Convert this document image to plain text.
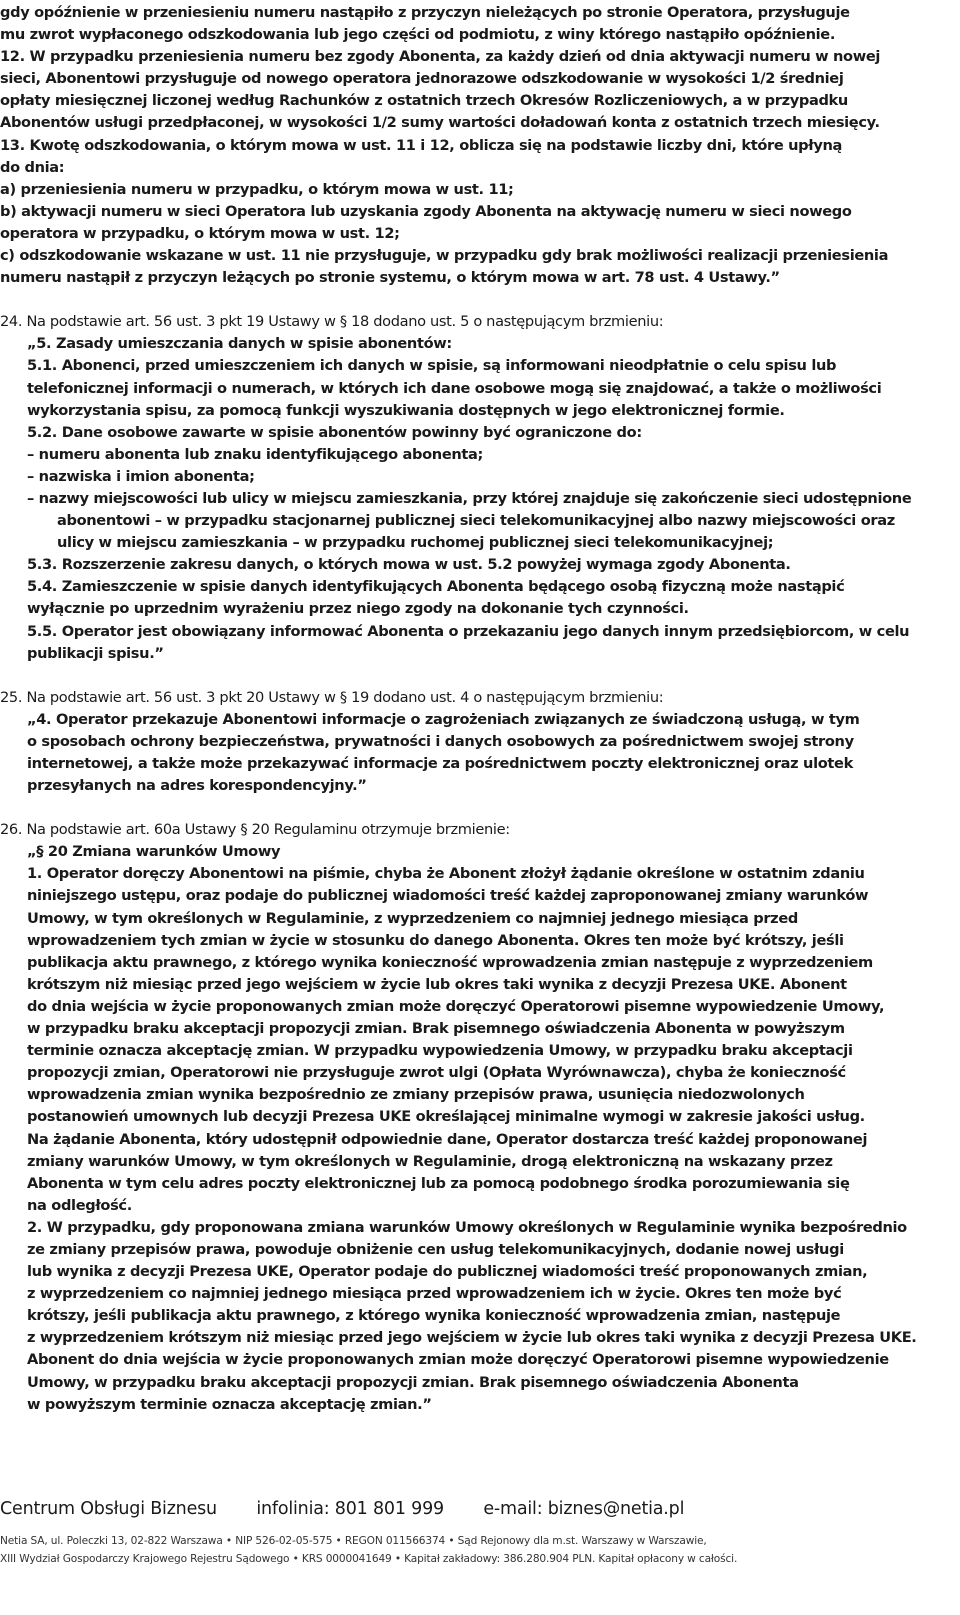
gdy opóźnienie w przeniesieniu numeru nastąpiło z przyczyn nieleżących po stronie Operatora, przysługuje

mu zwrot wypłaconego odszkodowania lub jego części od podmiotu, z winy którego nastąpiło opóźnienie.

12. W przypadku przeniesienia numeru bez zgody Abonenta, za każdy dzień od dnia aktywacji numeru w nowej

sieci, Abonentowi przysługuje od nowego operatora jednorazowe odszkodowanie w wysokości 1/2 średniej

opłaty miesięcznej liczonej według Rachunków z ostatnich trzech Okresów Rozliczeniowych, a w przypadku

Abonentów usługi przedpłaconej, w wysokości 1/2 sumy wartości doładowań konta z ostatnich trzech miesięcy.

13. Kwotę odszkodowania, o którym mowa w ust. 11 i 12, oblicza się na podstawie liczby dni, które upłyną

do dnia:

a) przeniesienia numeru w przypadku, o którym mowa w ust. 11;

b) aktywacji numeru w sieci Operatora lub uzyskania zgody Abonenta na aktywację numeru w sieci nowego

operatora w przypadku, o którym mowa w ust. 12;

c) odszkodowanie wskazane w ust. 11 nie przysługuje, w przypadku gdy brak możliwości realizacji przeniesienia

numeru nastąpił z przyczyn leżących po stronie systemu, o którym mowa w art. 78 ust. 4 Ustawy.”

24. Na podstawie art. 56 ust. 3 pkt 19 Ustawy w § 18 dodano ust. 5 o następującym brzmieniu:

„5. Zasady umieszczania danych w spisie abonentów:

5.1. Abonenci, przed umieszczeniem ich danych w spisie, są informowani nieodpłatnie o celu spisu lub

telefonicznej informacji o numerach, w których ich dane osobowe mogą się znajdować, a także o możliwości

wykorzystania spisu, za pomocą funkcji wyszukiwania dostępnych w jego elektronicznej formie.

5.2. Dane osobowe zawarte w spisie abonentów powinny być ograniczone do:

– numeru abonenta lub znaku identyfikującego abonenta;

– nazwiska i imion abonenta;

– nazwy miejscowości lub ulicy w miejscu zamieszkania, przy której znajduje się zakończenie sieci udostępnione

abonentowi – w przypadku stacjonarnej publicznej sieci telekomunikacyjnej albo nazwy miejscowości oraz

ulicy w miejscu zamieszkania – w przypadku ruchomej publicznej sieci telekomunikacyjnej;

5.3. Rozszerzenie zakresu danych, o których mowa w ust. 5.2 powyżej wymaga zgody Abonenta.

5.4. Zamieszczenie w spisie danych identyfikujących Abonenta będącego osobą fizyczną może nastąpić

wyłącznie po uprzednim wyrażeniu przez niego zgody na dokonanie tych czynności.

5.5. Operator jest obowiązany informować Abonenta o przekazaniu jego danych innym przedsiębiorcom, w celu

publikacji spisu.”

25. Na podstawie art. 56 ust. 3 pkt 20 Ustawy w § 19 dodano ust. 4 o następującym brzmieniu:

„4. Operator przekazuje Abonentowi informacje o zagrożeniach związanych ze świadczoną usługą, w tym

o sposobach ochrony bezpieczeństwa, prywatności i danych osobowych za pośrednictwem swojej strony

internetowej, a także może przekazywać informacje za pośrednictwem poczty elektronicznej oraz ulotek

przesyłanych na adres korespondencyjny.”

26. Na podstawie art. 60a Ustawy § 20 Regulaminu otrzymuje brzmienie:

„§ 20 Zmiana warunków Umowy

1. Operator doręczy Abonentowi na piśmie, chyba że Abonent złożył żądanie określone w ostatnim zdaniu

niniejszego ustępu, oraz podaje do publicznej wiadomości treść każdej zaproponowanej zmiany warunków

Umowy, w tym określonych w Regulaminie, z wyprzedzeniem co najmniej jednego miesiąca przed

wprowadzeniem tych zmian w życie w stosunku do danego Abonenta. Okres ten może być krótszy, jeśli

publikacja aktu prawnego, z którego wynika konieczność wprowadzenia zmian następuje z wyprzedzeniem

krótszym niż miesiąc przed jego wejściem w życie lub okres taki wynika z decyzji Prezesa UKE. Abonent

do dnia wejścia w życie proponowanych zmian może doręczyć Operatorowi pisemne wypowiedzenie Umowy,

w przypadku braku akceptacji propozycji zmian. Brak pisemnego oświadczenia Abonenta w powyższym

terminie oznacza akceptację zmian. W przypadku wypowiedzenia Umowy, w przypadku braku akceptacji

propozycji zmian, Operatorowi nie przysługuje zwrot ulgi (Opłata Wyrównawcza), chyba że konieczność

wprowadzenia zmian wynika bezpośrednio ze zmiany przepisów prawa, usunięcia niedozwolonych

postanowień umownych lub decyzji Prezesa UKE określającej minimalne wymogi w zakresie jakości usług.

Na żądanie Abonenta, który udostępnił odpowiednie dane, Operator dostarcza treść każdej proponowanej

zmiany warunków Umowy, w tym określonych w Regulaminie, drogą elektroniczną na wskazany przez

Abonenta w tym celu adres poczty elektronicznej lub za pomocą podobnego środka porozumiewania się

na odległość.

2. W przypadku, gdy proponowana zmiana warunków Umowy określonych w Regulaminie wynika bezpośrednio

ze zmiany przepisów prawa, powoduje obniżenie cen usług telekomunikacyjnych, dodanie nowej usługi

lub wynika z decyzji Prezesa UKE, Operator podaje do publicznej wiadomości treść proponowanych zmian,

z wyprzedzeniem co najmniej jednego miesiąca przed wprowadzeniem ich w życie. Okres ten może być

krótszy, jeśli publikacja aktu prawnego, z którego wynika konieczność wprowadzenia zmian, następuje

z wyprzedzeniem krótszym niż miesiąc przed jego wejściem w życie lub okres taki wynika z decyzji Prezesa UKE.

Abonent do dnia wejścia w życie proponowanych zmian może doręczyć Operatorowi pisemne wypowiedzenie

Umowy, w przypadku braku akceptacji propozycji zmian. Brak pisemnego oświadczenia Abonenta

w powyższym terminie oznacza akceptację zmian.”

Centrum Obsługi Biznesu infolinia: 801 801 999 e-mail: biznes@netia.pl
Netia SA, ul. Poleczki 13, 02-822 Warszawa • NIP 526-02-05-575 • REGON 011566374 • Sąd Rejonowy dla m.st. Warszawy w Warszawie,
XIII Wydział Gospodarczy Krajowego Rejestru Sądowego • KRS 0000041649 • Kapitał zakładowy: 386.280.904 PLN. Kapitał opłacony w całości.
